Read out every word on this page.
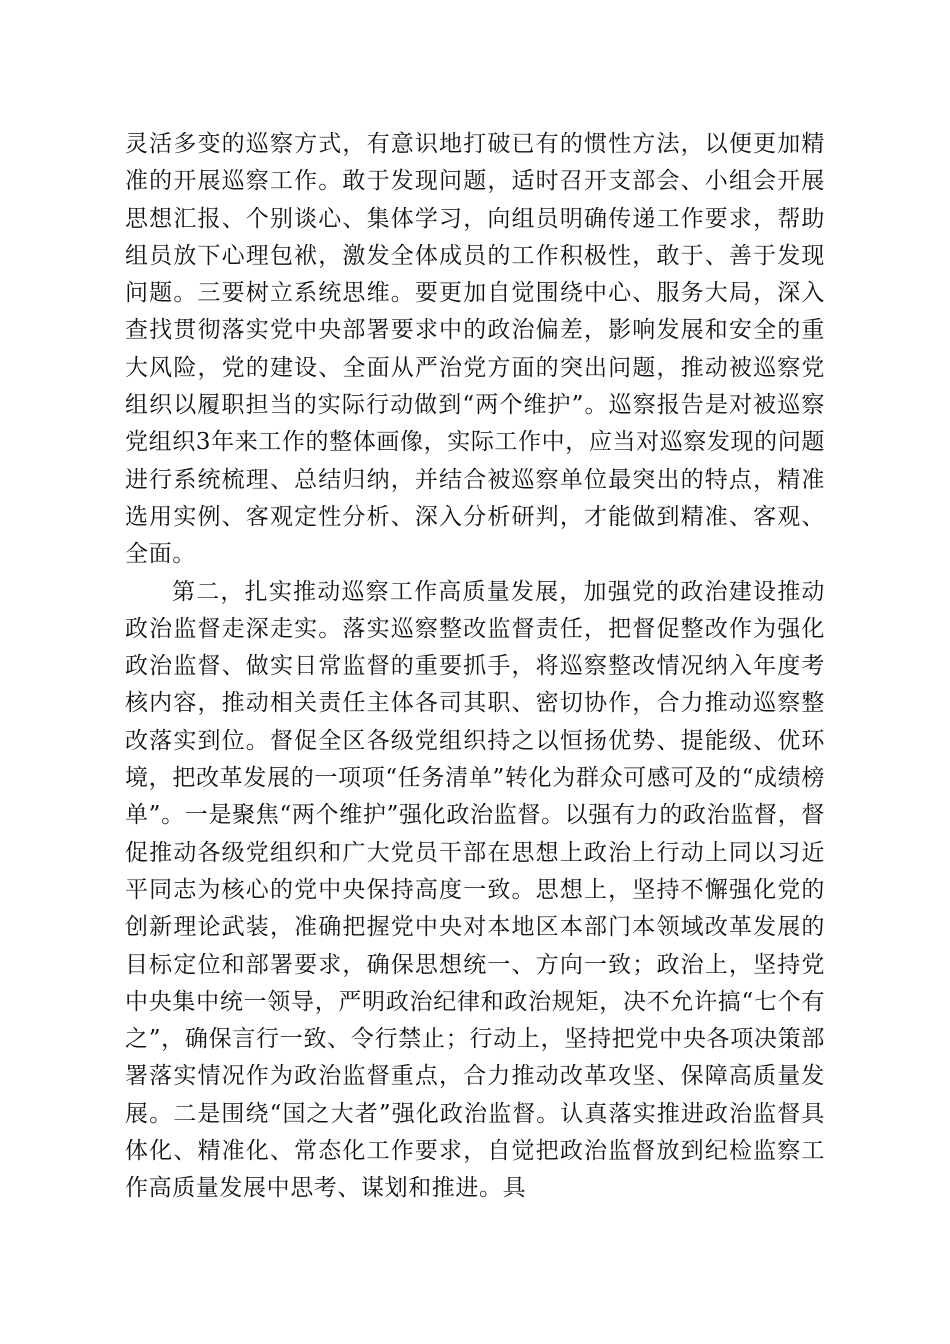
灵活多变的巡察方式，有意识地打破已有的惯性方法，以便更加精准的开展巡察工作。敢于发现问题，适时召开支部会、小组会开展思想汇报、个别谈心、集体学习，向组员明确传递工作要求，帮助组员放下心理包袱，激发全体成员的工作积极性，敢于、善于发现问题。三要树立系统思维。要更加自觉围绕中心、服务大局，深入查找贯彻落实党中央部署要求中的政治偏差，影响发展和安全的重大风险，党的建设、全面从严治党方面的突出问题，推动被巡察党组织以履职担当的实际行动做到“两个维护”。巡察报告是对被巡察党组织3年来工作的整体画像，实际工作中，应当对巡察发现的问题进行系统梳理、总结归纳，并结合被巡察单位最突出的特点，精准选用实例、客观定性分析、深入分析研判，才能做到精准、客观、全面。

第二，扎实推动巡察工作高质量发展，加强党的政治建设推动政治监督走深走实。落实巡察整改监督责任，把督促整改作为强化政治监督、做实日常监督的重要抓手，将巡察整改情况纳入年度考核内容，推动相关责任主体各司其职、密切协作，合力推动巡察整改落实到位。督促全区各级党组织持之以恒扬优势、提能级、优环境，把改革发展的一项项“任务清单”转化为群众可感可及的“成绩榜单”。一是聚焦“两个维护”强化政治监督。以强有力的政治监督，督促推动各级党组织和广大党员干部在思想上政治上行动上同以习近平同志为核心的党中央保持高度一致。思想上，坚持不懈强化党的创新理论武装，准确把握党中央对本地区本部门本领域改革发展的目标定位和部署要求，确保思想统一、方向一致；政治上，坚持党中央集中统一领导，严明政治纪律和政治规矩，决不允许搞“七个有之”，确保言行一致、令行禁止；行动上，坚持把党中央各项决策部署落实情况作为政治监督重点，合力推动改革攻坚、保障高质量发展。二是围绕“国之大者”强化政治监督。认真落实推进政治监督具体化、精准化、常态化工作要求，自觉把政治监督放到纪检监察工作高质量发展中思考、谋划和推进。具
